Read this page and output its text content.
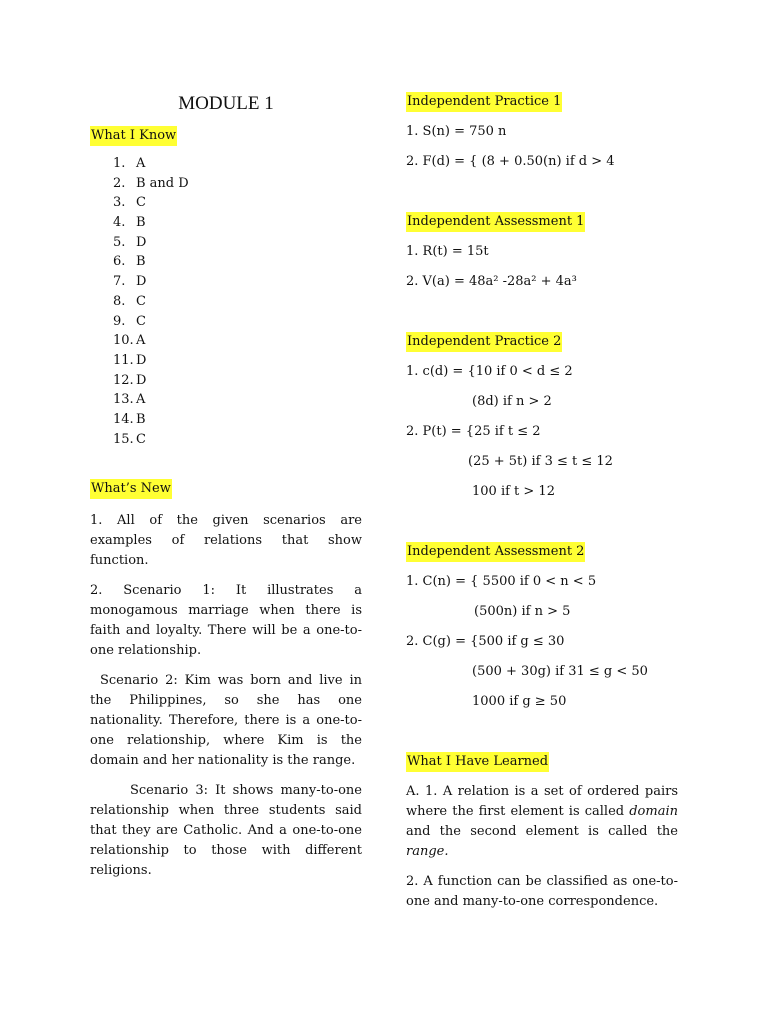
MODULE 1
What I Know
1. A
2. B and D
3. C
4. B
5. D
6. B
7. D
8. C
9. C
10. A
11. D
12. D
13. A
14. B
15. C
What’s New

1. All of the given scenarios are examples of relations that show function.

2. Scenario 1: It illustrates a monogamous marriage when there is faith and loyalty. There will be a one-to-one relationship.

Scenario 2: Kim was born and live in the Philippines, so she has one nationality. Therefore, there is a one-to-one relationship, where Kim is the domain and her nationality is the range.

Scenario 3: It shows many-to-one relationship when three students said that they are Catholic. And a one-to-one relationship to those with different religions.

Independent Practice 1
1. S(n) = 750 n
2. F(d) = { (8 + 0.50(n) if d > 4
Independent Assessment 1
1. R(t) = 15t
2. V(a) = 48a² -28a² + 4a³
Independent Practice 2
1. c(d) = {10 if 0 < d ≤ 2
(8d) if n > 2
2. P(t) = {25 if t ≤ 2
(25 + 5t) if 3 ≤ t ≤ 12
100 if t > 12
Independent Assessment 2
1. C(n) = { 5500 if 0 < n < 5
(500n) if n > 5
2. C(g) = {500 if g ≤ 30
(500 + 30g) if 31 ≤ g < 50
1000 if g ≥ 50
What I Have Learned

A. 1. A relation is a set of ordered pairs where the first element is called domain and the second element is called the range.

2. A function can be classified as one-to-one and many-to-one correspondence.
